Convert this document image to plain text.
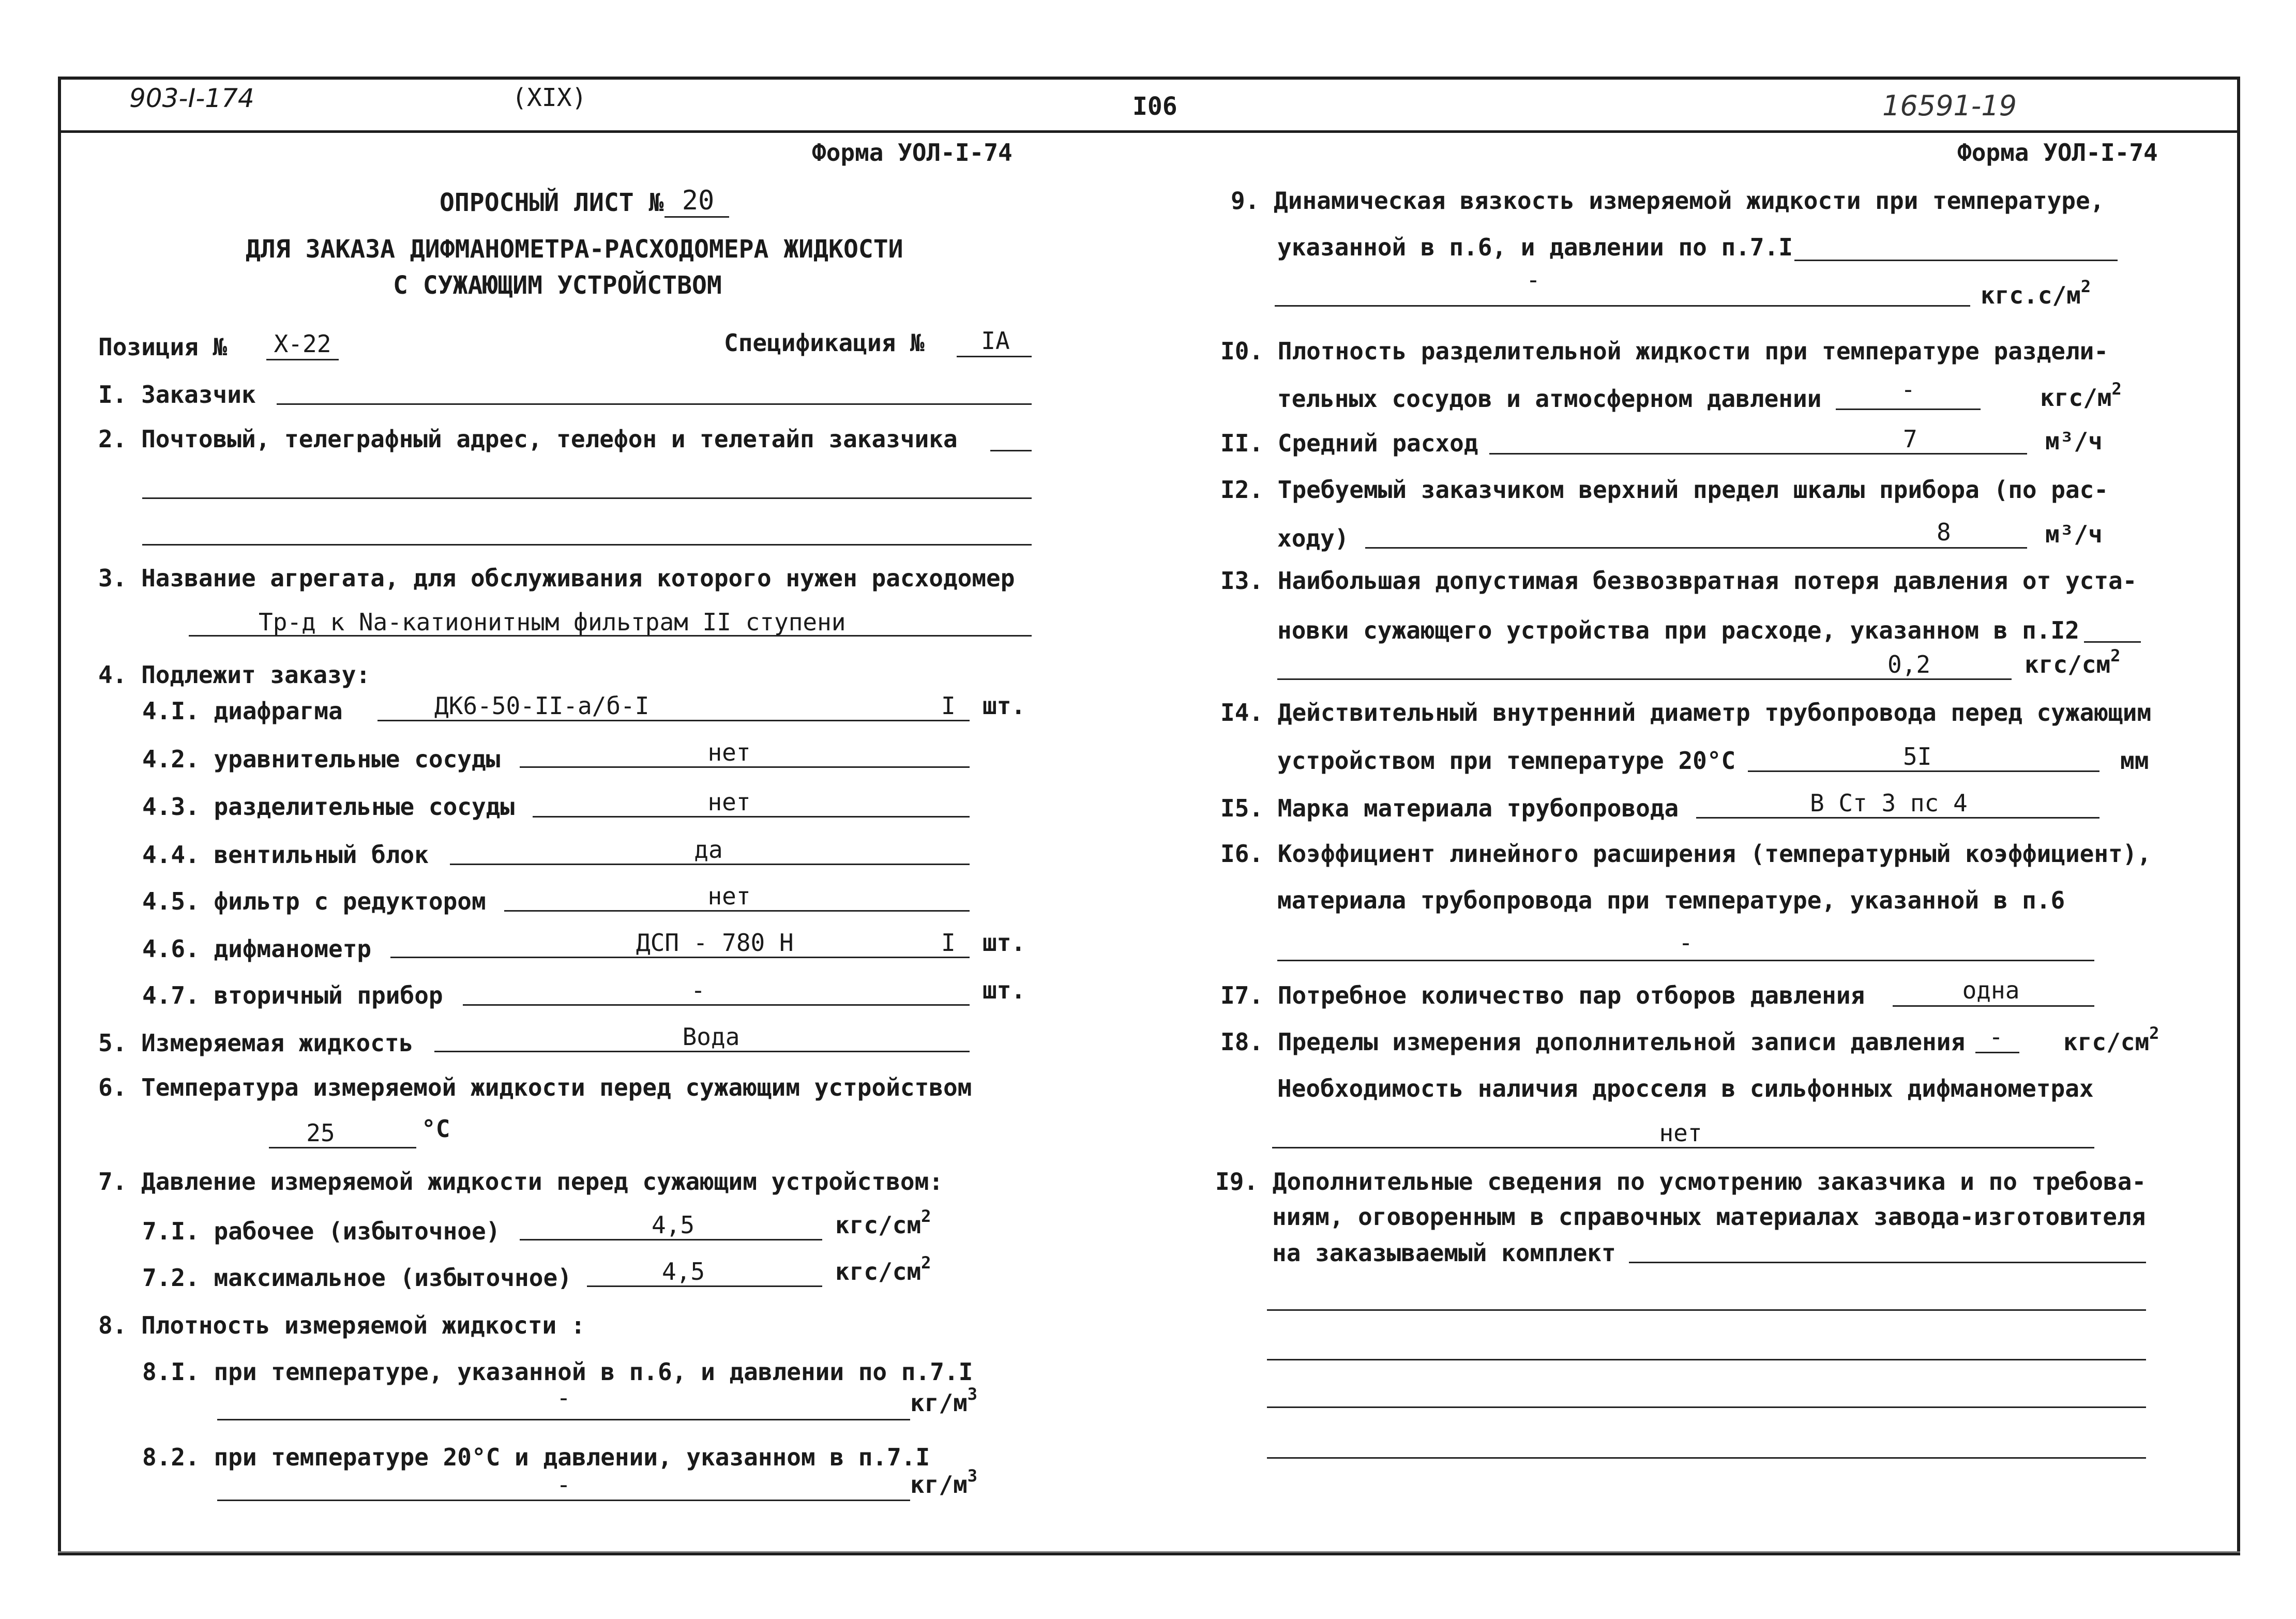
903-I-174	(XIX)	I06	16591-19
Форма УОЛ-I-74
ОПРОСНЫЙ ЛИСТ № 20
ДЛЯ ЗАКАЗА ДИФМАНОМЕТРА-РАСХОДОМЕРА ЖИДКОСТИ
С СУЖАЮЩИМ УСТРОЙСТВОМ
Позиция №	Х-22	Спецификация №	IА
I. Заказчик
2. Почтовый, телеграфный адрес, телефон и телетайп заказчика
3. Название агрегата, для обслуживания которого нужен расходомер
Тр-д к Nа-катионитным фильтрам II ступени
4. Подлежит заказу:
4.I. диафрагма	ДК6-50-II-а/б-I	I шт.
4.2. уравнительные сосуды	нет
4.3. разделительные сосуды	нет
4.4. вентильный блок	да
4.5. фильтр с редуктором	нет
4.6. дифманометр	ДСП - 780 Н	I шт.
4.7. вторичный прибор	-	шт.
5. Измеряемая жидкость	Вода
6. Температура измеряемой жидкости перед сужающим устройством
25	°С
7. Давление измеряемой жидкости перед сужающим устройством:
7.I. рабочее (избыточное)	4,5	кгс/$см^2$
7.2. максимальное (избыточное)	4,5	кгс/$см^2$
8. Плотность измеряемой жидкости :
8.I. при температуре, указанной в п.6, и давлении по п.7.I
-	$кг/м^3$
8.2. при температуре 20°С и давлении, указанном в п.7.I
-	$кг/м^3$
Форма УОЛ-I-74
9. Динамическая вязкость измеряемой жидкости при температуре,
указанной в п.6, и давлении по п.7.I
-
$кгс.с/м^2$
I0. Плотность разделительной жидкости при температуре раздели-
тельных сосудов и атмосферном давлении	-	кгс/$м^2$
II. Средний расход	7	м³/ч
I2. Требуемый заказчиком верхний предел шкалы прибора (по рас-
ходу)	8	м³/ч
I3. Наибольшая допустимая безвозвратная потеря давления от уста-
новки сужающего устройства при расходе, указанном в п.I2
0,2	кгс/$см^2$
I4. Действительный внутренний диаметр трубопровода перед сужающим
устройством при температуре 20°С	5I	мм
I5. Марка материала трубопровода	В Ст 3 пс 4
I6. Коэффициент линейного расширения (температурный коэффициент),
материала трубопровода при температуре, указанной в п.6
-
I7. Потребное количество пар отборов давления	одна
I8. Пределы измерения дополнительной записи давления	-	кгс/$см^2$
Необходимость наличия дросселя в сильфонных дифманометрах
нет
I9. Дополнительные сведения по усмотрению заказчика и по требова-
ниям, оговоренным в справочных материалах завода-изготовителя
на заказываемый комплект
